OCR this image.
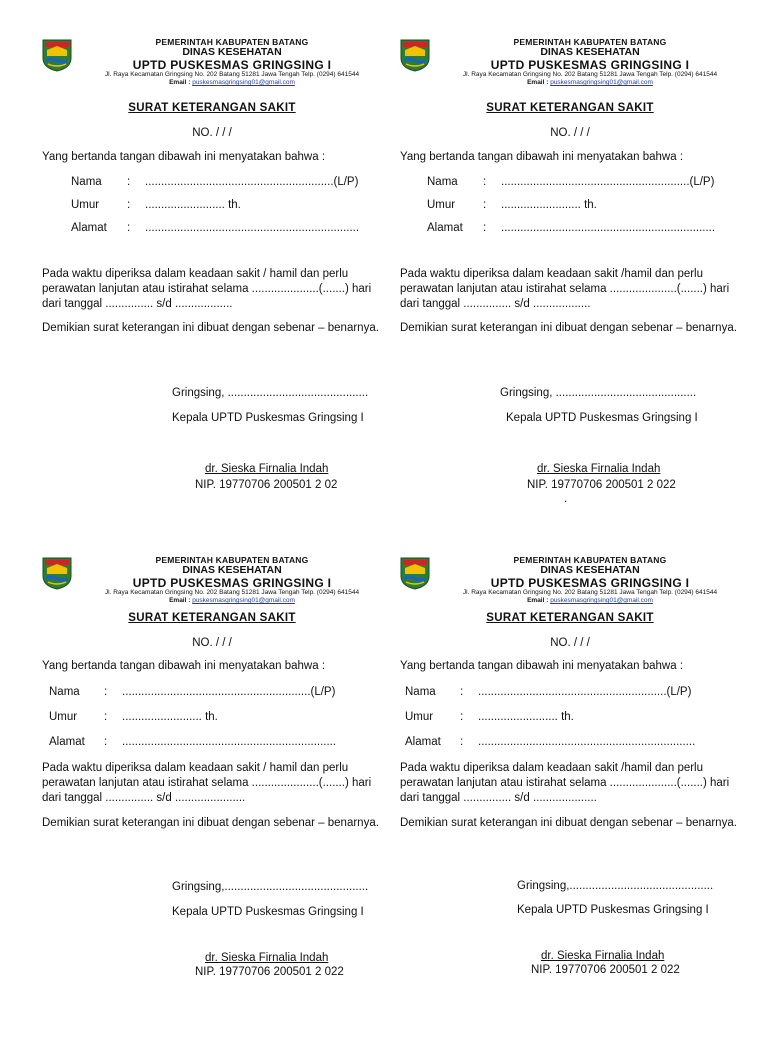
PEMERINTAH KABUPATEN BATANG
DINAS KESEHATAN
UPTD PUSKESMAS GRINGSING I
Jl. Raya Kecamatan Gringsing No. 202 Batang 51281 Jawa Tengah Telp. (0294) 641544
Email : puskesmasgringsing01@gmail.com
SURAT KETERANGAN SAKIT
NO. / / /
Yang bertanda tangan dibawah ini menyatakan bahwa :
Nama : ...........................................................(L/P)
Umur : ......................... th.
Alamat : ...................................................................
Pada waktu diperiksa dalam keadaan sakit / hamil dan perlu perawatan lanjutan atau istirahat selama .....................(.......) hari dari tanggal ............... s/d ..................
Demikian surat keterangan ini dibuat dengan sebenar – benarnya.
Gringsing, ............................................
Kepala UPTD Puskesmas Gringsing I
dr. Sieska Firnalia Indah
NIP. 19770706 200501 2 02
PEMERINTAH KABUPATEN BATANG
DINAS KESEHATAN
UPTD PUSKESMAS GRINGSING I
Jl. Raya Kecamatan Gringsing No. 202 Batang 51281 Jawa Tengah Telp. (0294) 641544
Email : puskesmasgringsing01@gmail.com
SURAT KETERANGAN SAKIT
NO. / / /
Yang bertanda tangan dibawah ini menyatakan bahwa :
Nama : ...........................................................(L/P)
Umur : ......................... th.
Alamat : ...................................................................
Pada waktu diperiksa dalam keadaan sakit /hamil dan perlu perawatan lanjutan atau istirahat selama .....................(.......) hari dari tanggal ............... s/d ..................
Demikian surat keterangan ini dibuat dengan sebenar – benarnya.
Gringsing, ............................................
Kepala UPTD Puskesmas Gringsing I
dr. Sieska Firnalia Indah
NIP. 19770706 200501 2 022
.
PEMERINTAH KABUPATEN BATANG
DINAS KESEHATAN
UPTD PUSKESMAS GRINGSING I
Jl. Raya Kecamatan Gringsing No. 202 Batang 51281 Jawa Tengah Telp. (0294) 641544
Email : puskesmasgringsing01@gmail.com
SURAT KETERANGAN SAKIT
NO. / / /
Yang bertanda tangan dibawah ini menyatakan bahwa :
Nama : ...........................................................(L/P)
Umur : ......................... th.
Alamat : ...................................................................
Pada waktu diperiksa dalam keadaan sakit / hamil dan perlu perawatan lanjutan atau istirahat selama .....................(.......) hari dari tanggal ............... s/d ......................
Demikian surat keterangan ini dibuat dengan sebenar – benarnya.
Gringsing,.............................................
Kepala UPTD Puskesmas Gringsing I
dr. Sieska Firnalia Indah
NIP. 19770706 200501 2 022
PEMERINTAH KABUPATEN BATANG
DINAS KESEHATAN
UPTD PUSKESMAS GRINGSING I
Jl. Raya Kecamatan Gringsing No. 202 Batang 51281 Jawa Tengah Telp. (0294) 641544
Email : puskesmasgringsing01@gmail.com
SURAT KETERANGAN SAKIT
NO. / / /
Yang bertanda tangan dibawah ini menyatakan bahwa :
Nama : ...........................................................(L/P)
Umur : ......................... th.
Alamat : ....................................................................
Pada waktu diperiksa dalam keadaan sakit /hamil dan perlu perawatan lanjutan atau istirahat selama .....................(.......) hari dari tanggal ............... s/d ....................
Demikian surat keterangan ini dibuat dengan sebenar – benarnya.
Gringsing,.............................................
Kepala UPTD Puskesmas Gringsing I
dr. Sieska Firnalia Indah
NIP. 19770706 200501 2 022
